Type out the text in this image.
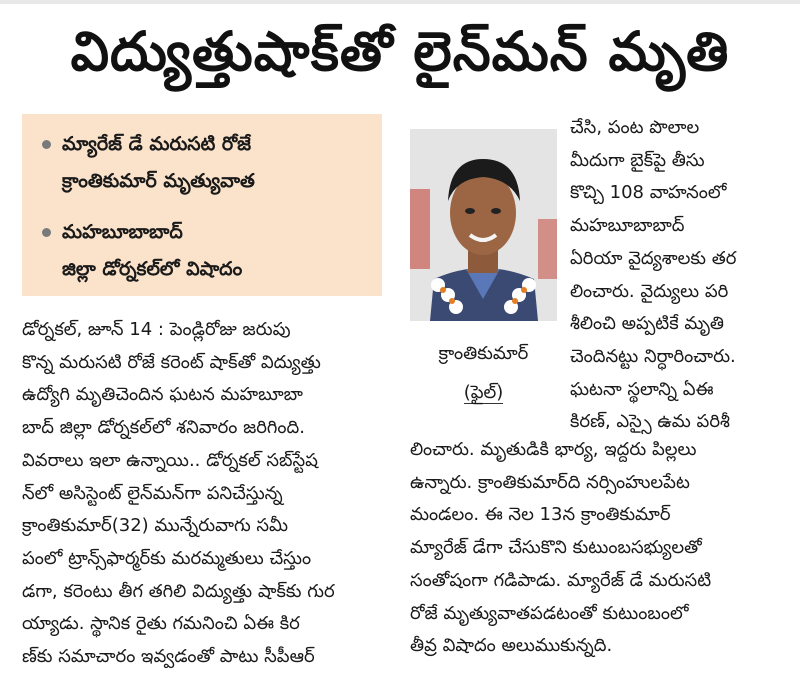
విద్యుత్తుషాక్‌తో లైన్‌మన్ మృతి
మ్యారేజ్ డే మరుసటి రోజే
క్రాంతికుమార్ మృత్యువాత
మహబూబాబాద్
జిల్లా డోర్నకల్‌లో విషాదం
క్రాంతికుమార్
(ఫైల్)
డోర్నకల్, జూన్ 14 : పెండ్లిరోజు జరుపు
కొన్న మరుసటి రోజే కరెంట్ షాక్‌తో విద్యుత్తు
ఉద్యోగి మృతిచెందిన ఘటన మహబూబా
బాద్ జిల్లా డోర్నకల్‌లో శనివారం జరిగింది.
వివరాలు ఇలా ఉన్నాయి.. డోర్నకల్ సబ్‌స్టేష
న్‌లో అసిస్టెంట్ లైన్‌మన్‌గా పనిచేస్తున్న
క్రాంతికుమార్(32) మున్నేరువాగు సమీ
పంలో ట్రాన్స్‌ఫార్మర్‌కు మరమ్మతులు చేస్తుం
డగా, కరెంటు తీగ తగిలి విద్యుత్తు షాక్‌కు గుర
య్యాడు. స్థానిక రైతు గమనించి ఏఈ కిర
ణ్‌కు సమాచారం ఇవ్వడంతో పాటు సీపీఆర్
చేసి, పంట పొలాల
మీదుగా బైక్‌పై తీసు
కొచ్చి 108 వాహనంలో
మహబూబాబాద్
ఏరియా వైద్యశాలకు తర
లించారు. వైద్యులు పరి
శీలించి అప్పటికే మృతి
చెందినట్టు నిర్ధారించారు.
ఘటనా స్థలాన్ని ఏఈ
కిరణ్, ఎస్సై ఉమ పరిశీ
లించారు. మృతుడికి భార్య, ఇద్దరు పిల్లలు
ఉన్నారు. క్రాంతికుమార్‌ది నర్సింహులపేట
మండలం. ఈ నెల 13న క్రాంతికుమార్
మ్యారేజ్ డేగా చేసుకొని కుటుంబసభ్యులతో
సంతోషంగా గడిపాడు. మ్యారేజ్ డే మరుసటి
రోజే మృత్యువాతపడటంతో కుటుంబంలో
తీవ్ర విషాదం అలుముకున్నది.
